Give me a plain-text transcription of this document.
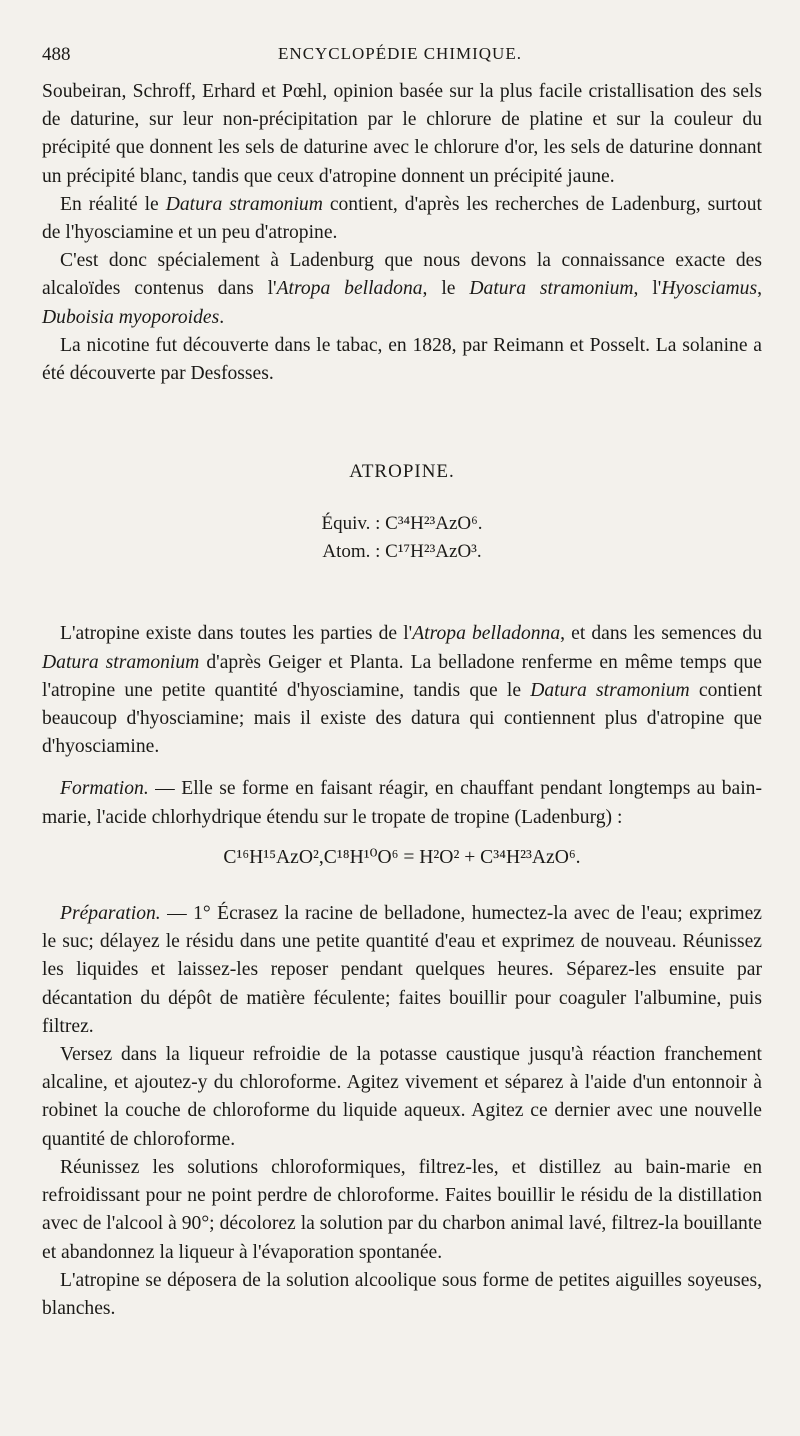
488	ENCYCLOPÉDIE CHIMIQUE.

Soubeiran, Schroff, Erhard et Pœhl, opinion basée sur la plus facile cristallisation des sels de daturine, sur leur non-précipitation par le chlorure de platine et sur la couleur du précipité que donnent les sels de daturine avec le chlorure d'or, les sels de daturine donnant un précipité blanc, tandis que ceux d'atropine donnent un précipité jaune.

En réalité le Datura stramonium contient, d'après les recherches de Ladenburg, surtout de l'hyosciamine et un peu d'atropine.

C'est donc spécialement à Ladenburg que nous devons la connaissance exacte des alcaloïdes contenus dans l'Atropa belladona, le Datura stramonium, l'Hyosciamus, Duboisia myoporoides.

La nicotine fut découverte dans le tabac, en 1828, par Reimann et Posselt. La solanine a été découverte par Desfosses.

ATROPINE.
Équiv. : C³⁴H²³AzO⁶.
Atom. : C¹⁷H²³AzO³.

L'atropine existe dans toutes les parties de l'Atropa belladonna, et dans les semences du Datura stramonium d'après Geiger et Planta. La belladone renferme en même temps que l'atropine une petite quantité d'hyosciamine, tandis que le Datura stramonium contient beaucoup d'hyosciamine; mais il existe des datura qui contiennent plus d'atropine que d'hyosciamine.

Formation. — Elle se forme en faisant réagir, en chauffant pendant longtemps au bain-marie, l'acide chlorhydrique étendu sur le tropate de tropine (Ladenburg) :

C¹⁶H¹⁵AzO²,C¹⁸H¹⁰O⁶ = H²O² + C³⁴H²³AzO⁶.

Préparation. — 1° Écrasez la racine de belladone, humectez-la avec de l'eau; exprimez le suc; délayez le résidu dans une petite quantité d'eau et exprimez de nouveau. Réunissez les liquides et laissez-les reposer pendant quelques heures. Séparez-les ensuite par décantation du dépôt de matière féculente; faites bouillir pour coaguler l'albumine, puis filtrez.

Versez dans la liqueur refroidie de la potasse caustique jusqu'à réaction franchement alcaline, et ajoutez-y du chloroforme. Agitez vivement et séparez à l'aide d'un entonnoir à robinet la couche de chloroforme du liquide aqueux. Agitez ce dernier avec une nouvelle quantité de chloroforme.

Réunissez les solutions chloroformiques, filtrez-les, et distillez au bain-marie en refroidissant pour ne point perdre de chloroforme. Faites bouillir le résidu de la distillation avec de l'alcool à 90°; décolorez la solution par du charbon animal lavé, filtrez-la bouillante et abandonnez la liqueur à l'évaporation spontanée.

L'atropine se déposera de la solution alcoolique sous forme de petites aiguilles soyeuses, blanches.
